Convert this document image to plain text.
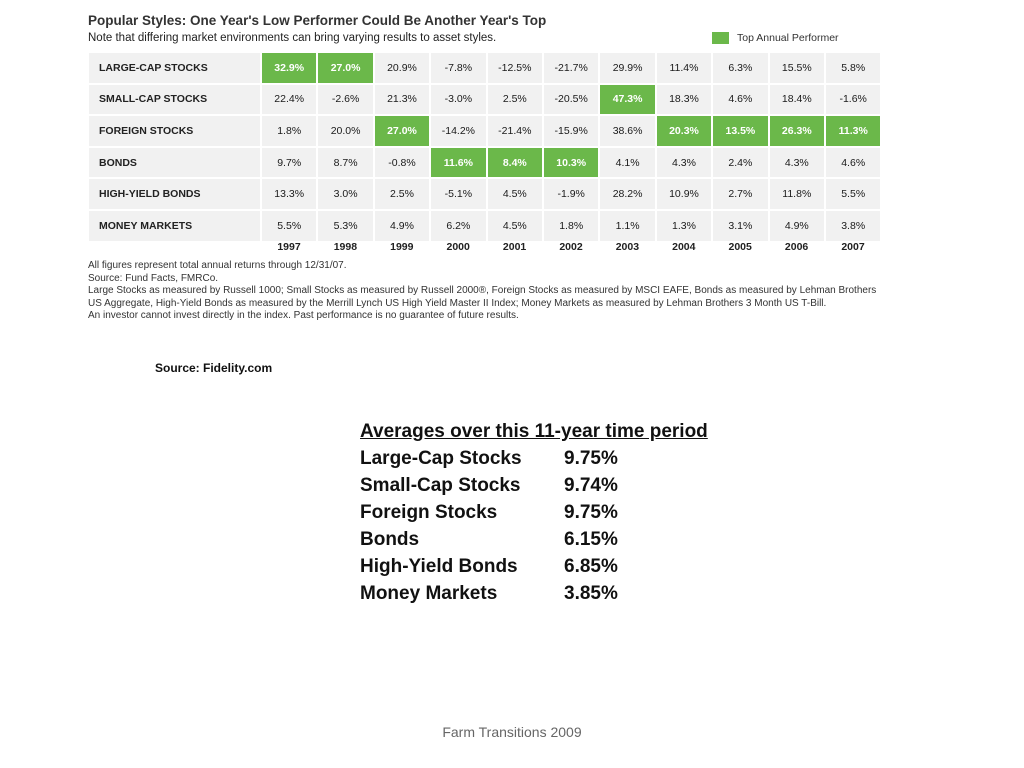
Popular Styles: One Year's Low Performer Could Be Another Year's Top
Note that differing market environments can bring varying results to asset styles.	Top Annual Performer
LARGE-CAP STOCKS	32.9%	27.0%	20.9%	-7.8%	-12.5%	-21.7%	29.9%	11.4%	6.3%	15.5%	5.8%
SMALL-CAP STOCKS	22.4%	-2.6%	21.3%	-3.0%	2.5%	-20.5%	47.3%	18.3%	4.6%	18.4%	-1.6%
FOREIGN STOCKS	1.8%	20.0%	27.0%	-14.2%	-21.4%	-15.9%	38.6%	20.3%	13.5%	26.3%	11.3%
BONDS	9.7%	8.7%	-0.8%	11.6%	8.4%	10.3%	4.1%	4.3%	2.4%	4.3%	4.6%
HIGH-YIELD BONDS	13.3%	3.0%	2.5%	-5.1%	4.5%	-1.9%	28.2%	10.9%	2.7%	11.8%	5.5%
MONEY MARKETS	5.5%	5.3%	4.9%	6.2%	4.5%	1.8%	1.1%	1.3%	3.1%	4.9%	3.8%
1997	1998	1999	2000	2001	2002	2003	2004	2005	2006	2007
All figures represent total annual returns through 12/31/07.
Source: Fund Facts, FMRCo.
Large Stocks as measured by Russell 1000; Small Stocks as measured by Russell 2000®, Foreign Stocks as measured by MSCI EAFE, Bonds as measured by Lehman Brothers US Aggregate, High-Yield Bonds as measured by the Merrill Lynch US High Yield Master II Index; Money Markets as measured by Lehman Brothers 3 Month US T-Bill.
An investor cannot invest directly in the index. Past performance is no guarantee of future results.
Source: Fidelity.com
Averages over this 11-year time period
Large-Cap Stocks	9.75%
Small-Cap Stocks	9.74%
Foreign Stocks	9.75%
Bonds	6.15%
High-Yield Bonds	6.85%
Money Markets	3.85%
Farm Transitions 2009
